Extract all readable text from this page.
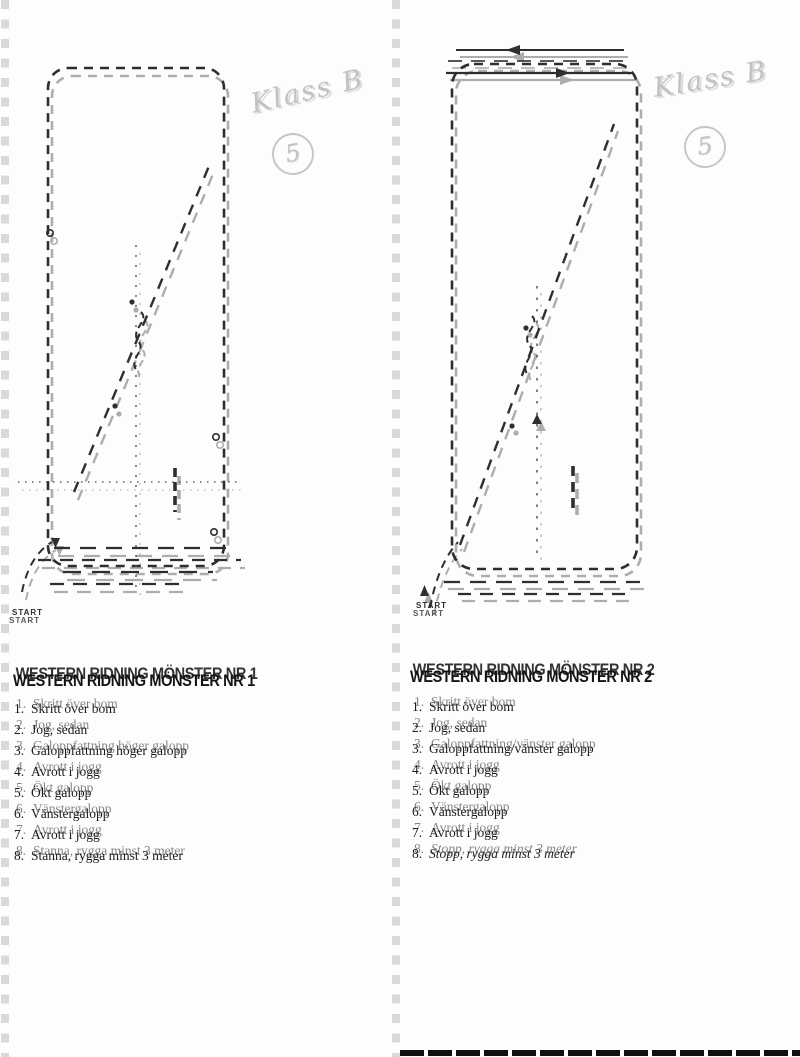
Klass B
5
Klass B
5
START
START
WESTERN RIDNING MÖNSTER NR 1	WESTERN RIDNING MÖNSTER NR 2
1. Skritt över bom
2. Jog, sedan
3. Galoppfattning höger galopp
4. Avrott i jogg
5. Ökt galopp
6. Vänstergalopp
7. Avrott i jogg
8. Stanna, rygga minst 3 meter
1. Skritt över bom
2. Jog, sedan
3. Galoppfattning/vänster galopp
4. Avrott i jogg
5. Ökt galopp
6. Vänstergalopp
7. Avrott i jogg
8. Stopp, rygga minst 3 meter
